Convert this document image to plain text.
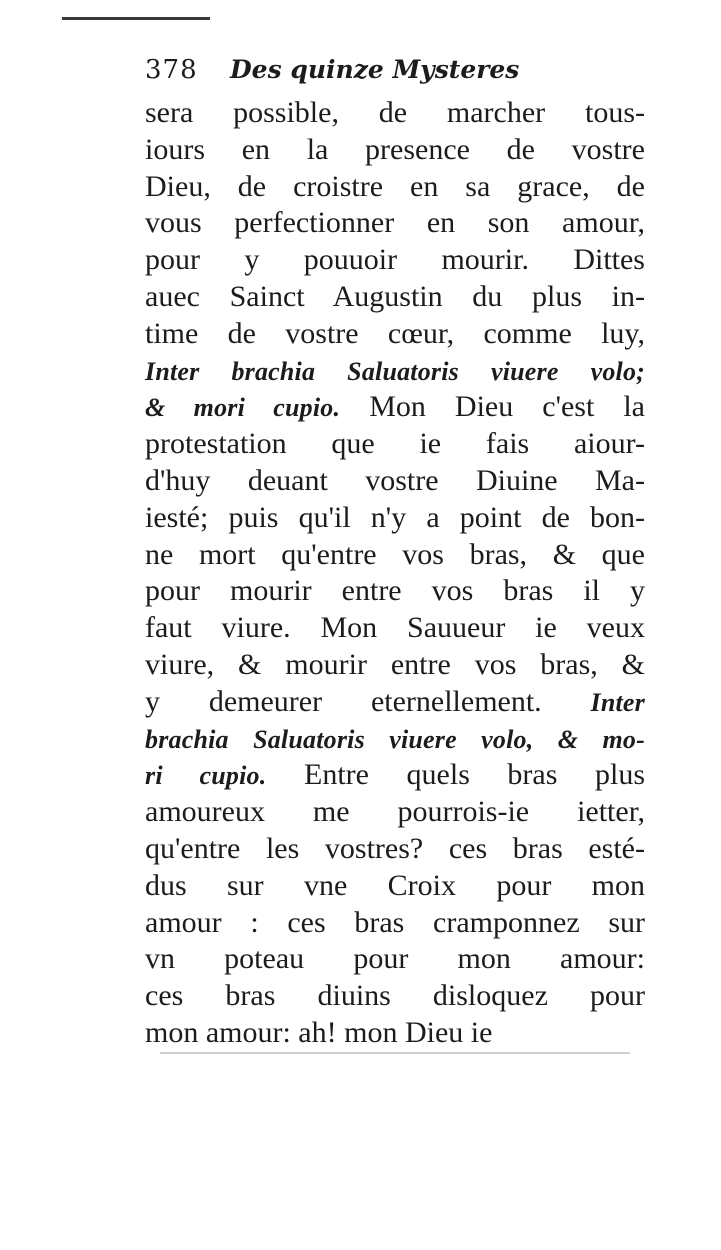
378	Des quinze Mysteres
sera possible, de marcher tous-
iours en la presence de vostre
Dieu, de croistre en sa grace, de
vous perfectionner en son amour,
pour y pouuoir mourir. Dittes
auec Sainct Augustin du plus in-
time de vostre cœur, comme luy,
Inter brachia Saluatoris viuere volo;
& mori cupio. Mon Dieu c'est la
protestation que ie fais aiour-
d'huy deuant vostre Diuine Ma-
iesté; puis qu'il n'y a point de bon-
ne mort qu'entre vos bras, & que
pour mourir entre vos bras il y
faut viure. Mon Sauueur ie veux
viure, & mourir entre vos bras, &
y demeurer eternellement. Inter
brachia Saluatoris viuere volo, & mo-
ri cupio. Entre quels bras plus
amoureux me pourrois-ie ietter,
qu'entre les vostres? ces bras esté-
dus sur vne Croix pour mon
amour : ces bras cramponnez sur
vn poteau pour mon amour:
ces bras diuins disloquez pour
mon amour: ah! mon Dieu ie
